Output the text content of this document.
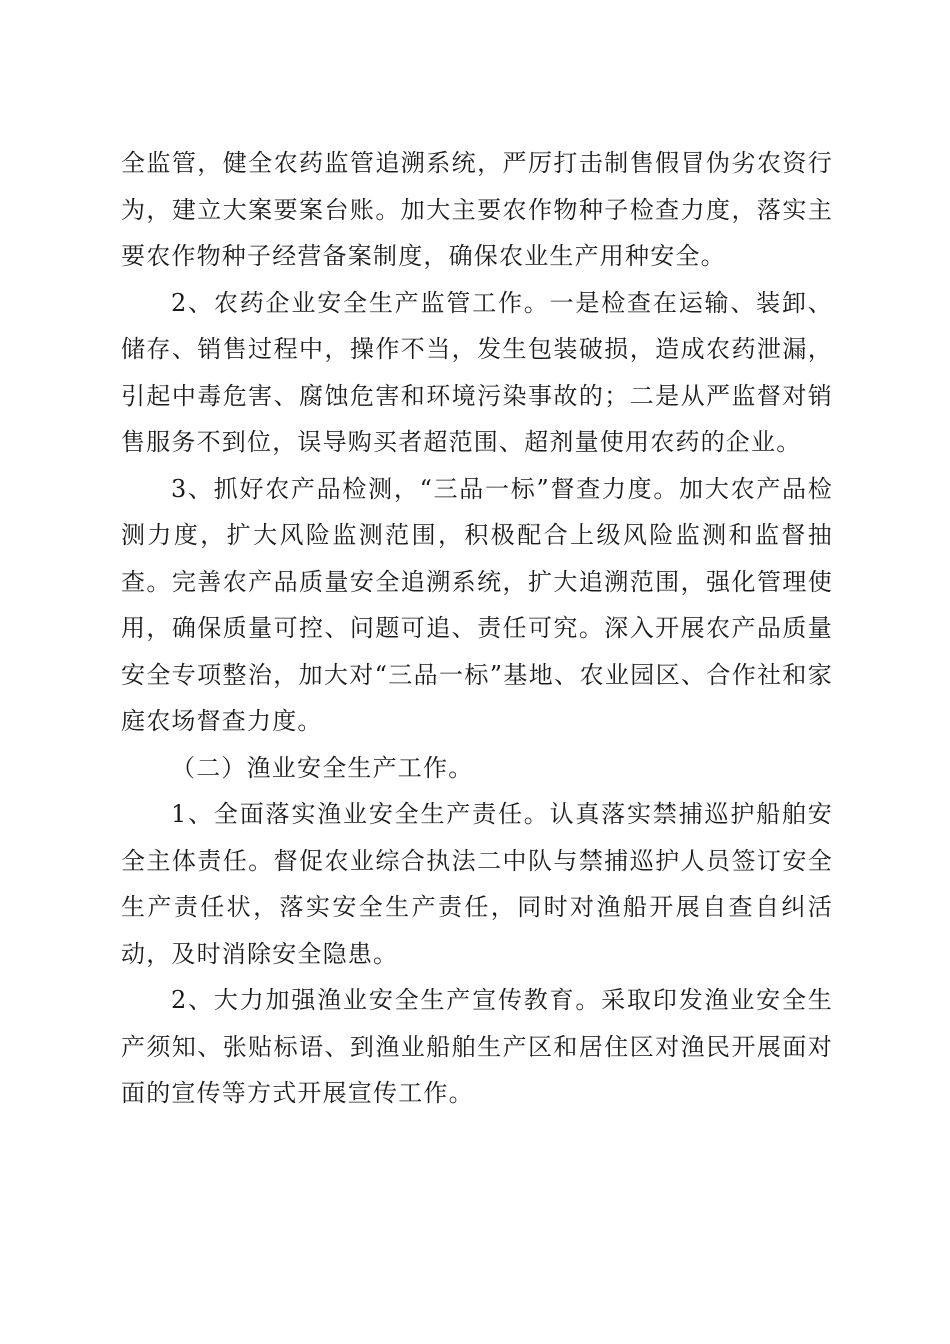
全监管，健全农药监管追溯系统，严厉打击制售假冒伪劣农资行为，建立大案要案台账。加大主要农作物种子检查力度，落实主要农作物种子经营备案制度，确保农业生产用种安全。

2、农药企业安全生产监管工作。一是检查在运输、装卸、储存、销售过程中，操作不当，发生包装破损，造成农药泄漏，引起中毒危害、腐蚀危害和环境污染事故的；二是从严监督对销售服务不到位，误导购买者超范围、超剂量使用农药的企业。

3、抓好农产品检测，“三品一标”督查力度。加大农产品检测力度，扩大风险监测范围，积极配合上级风险监测和监督抽查。完善农产品质量安全追溯系统，扩大追溯范围，强化管理使用，确保质量可控、问题可追、责任可究。深入开展农产品质量安全专项整治，加大对“三品一标”基地、农业园区、合作社和家庭农场督查力度。

（二）渔业安全生产工作。

1、全面落实渔业安全生产责任。认真落实禁捕巡护船舶安全主体责任。督促农业综合执法二中队与禁捕巡护人员签订安全生产责任状，落实安全生产责任，同时对渔船开展自查自纠活动，及时消除安全隐患。

2、大力加强渔业安全生产宣传教育。采取印发渔业安全生产须知、张贴标语、到渔业船舶生产区和居住区对渔民开展面对面的宣传等方式开展宣传工作。
